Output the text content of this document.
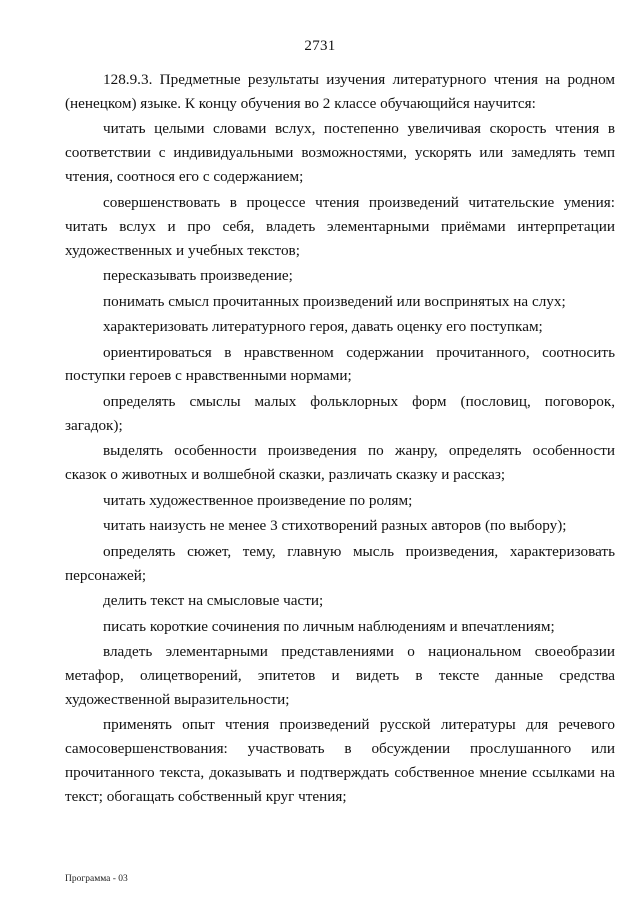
2731

128.9.3. Предметные результаты изучения литературного чтения на родном (ненецком) языке. К концу обучения во 2 классе обучающийся научится:

читать целыми словами вслух, постепенно увеличивая скорость чтения в соответствии с индивидуальными возможностями, ускорять или замедлять темп чтения, соотнося его с содержанием;

совершенствовать в процессе чтения произведений читательские умения: читать вслух и про себя, владеть элементарными приёмами интерпретации художественных и учебных текстов;

пересказывать произведение;

понимать смысл прочитанных произведений или воспринятых на слух;

характеризовать литературного героя, давать оценку его поступкам;

ориентироваться в нравственном содержании прочитанного, соотносить поступки героев с нравственными нормами;

определять смыслы малых фольклорных форм (пословиц, поговорок, загадок);

выделять особенности произведения по жанру, определять особенности сказок о животных и волшебной сказки, различать сказку и рассказ;

читать художественное произведение по ролям;

читать наизусть не менее 3 стихотворений разных авторов (по выбору);

определять сюжет, тему, главную мысль произведения, характеризовать персонажей;

делить текст на смысловые части;

писать короткие сочинения по личным наблюдениям и впечатлениям;

владеть элементарными представлениями о национальном своеобразии метафор, олицетворений, эпитетов и видеть в тексте данные средства художественной выразительности;

применять опыт чтения произведений русской литературы для речевого самосовершенствования: участвовать в обсуждении прослушанного или прочитанного текста, доказывать и подтверждать собственное мнение ссылками на текст; обогащать собственный круг чтения;

Программа - 03
